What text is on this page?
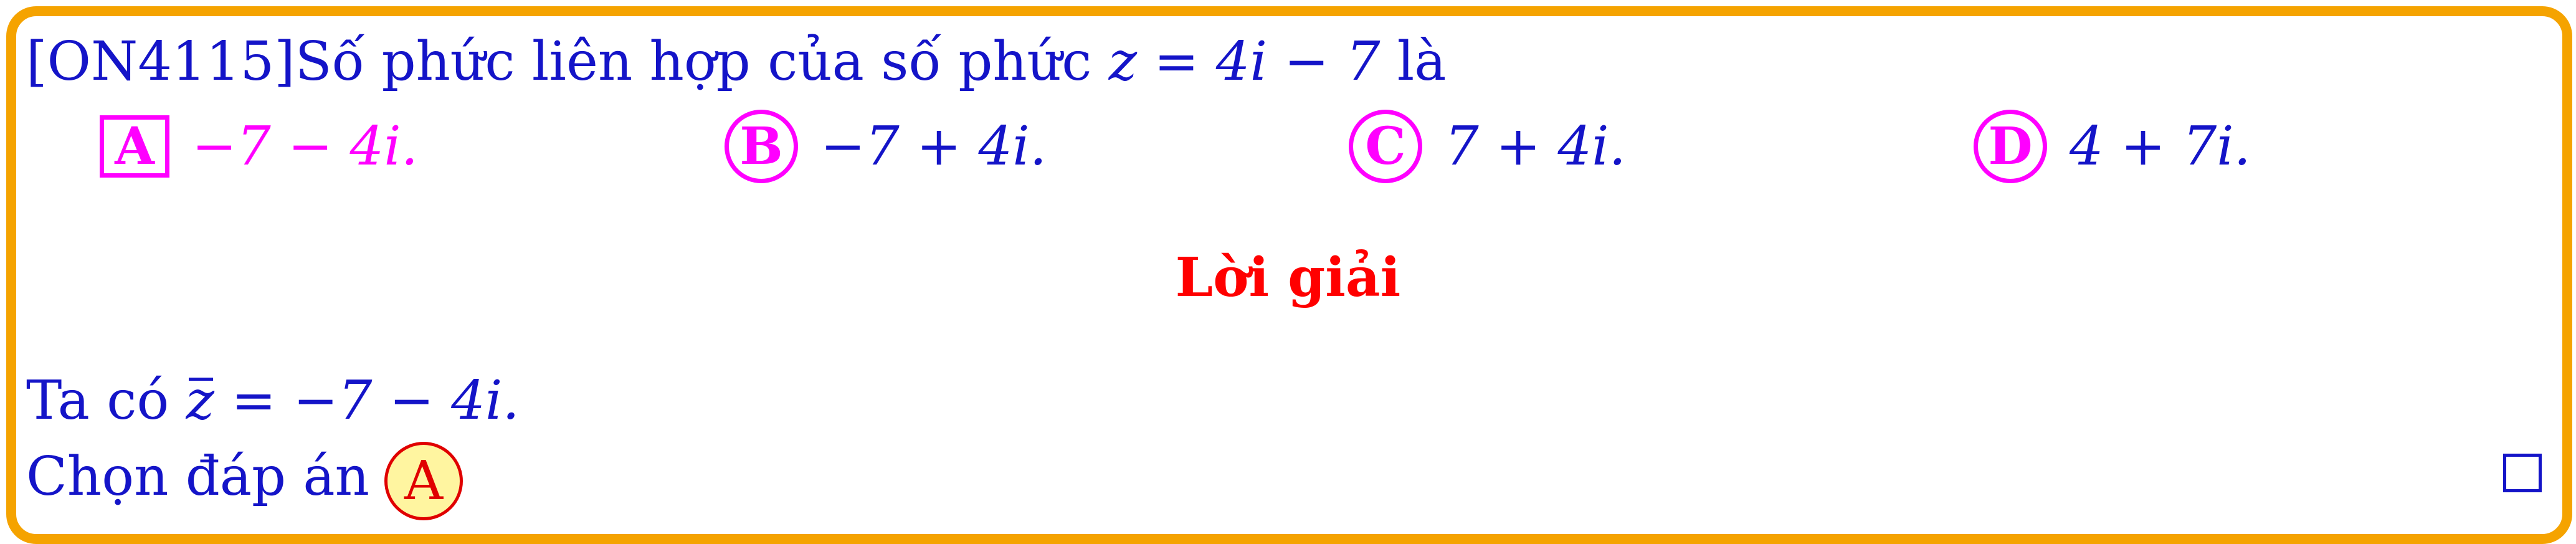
[ON4115]Số phức liên hợp của số phức z = 4i − 7 là
A −7 − 4i.	B −7 + 4i.	C 7 + 4i.	D 4 + 7i.
Lời giải
Ta có z = −7 − 4i.
Chọn đáp án A
